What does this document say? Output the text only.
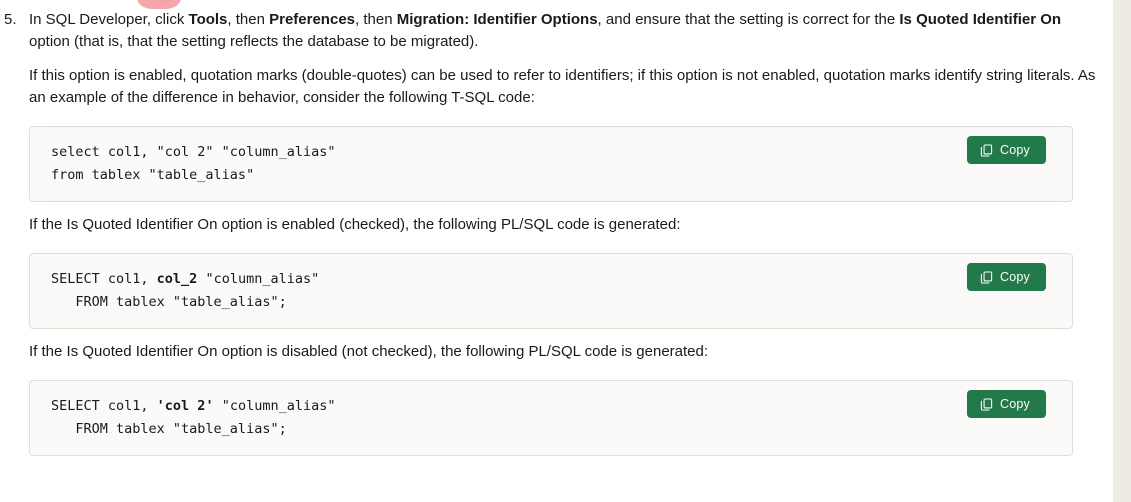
5. In SQL Developer, click Tools, then Preferences, then Migration: Identifier Options, and ensure that the setting is correct for the Is Quoted Identifier On option (that is, that the setting reflects the database to be migrated).

If this option is enabled, quotation marks (double-quotes) can be used to refer to identifiers; if this option is not enabled, quotation marks identify string literals. As an example of the difference in behavior, consider the following T-SQL code:

select col1, "col 2" "column_alias"
from tablex "table_alias"
Copy

If the Is Quoted Identifier On option is enabled (checked), the following PL/SQL code is generated:

SELECT col1, col_2 "column_alias"
FROM tablex "table_alias";
Copy

If the Is Quoted Identifier On option is disabled (not checked), the following PL/SQL code is generated:

SELECT col1, 'col 2' "column_alias"
FROM tablex "table_alias";
Copy
